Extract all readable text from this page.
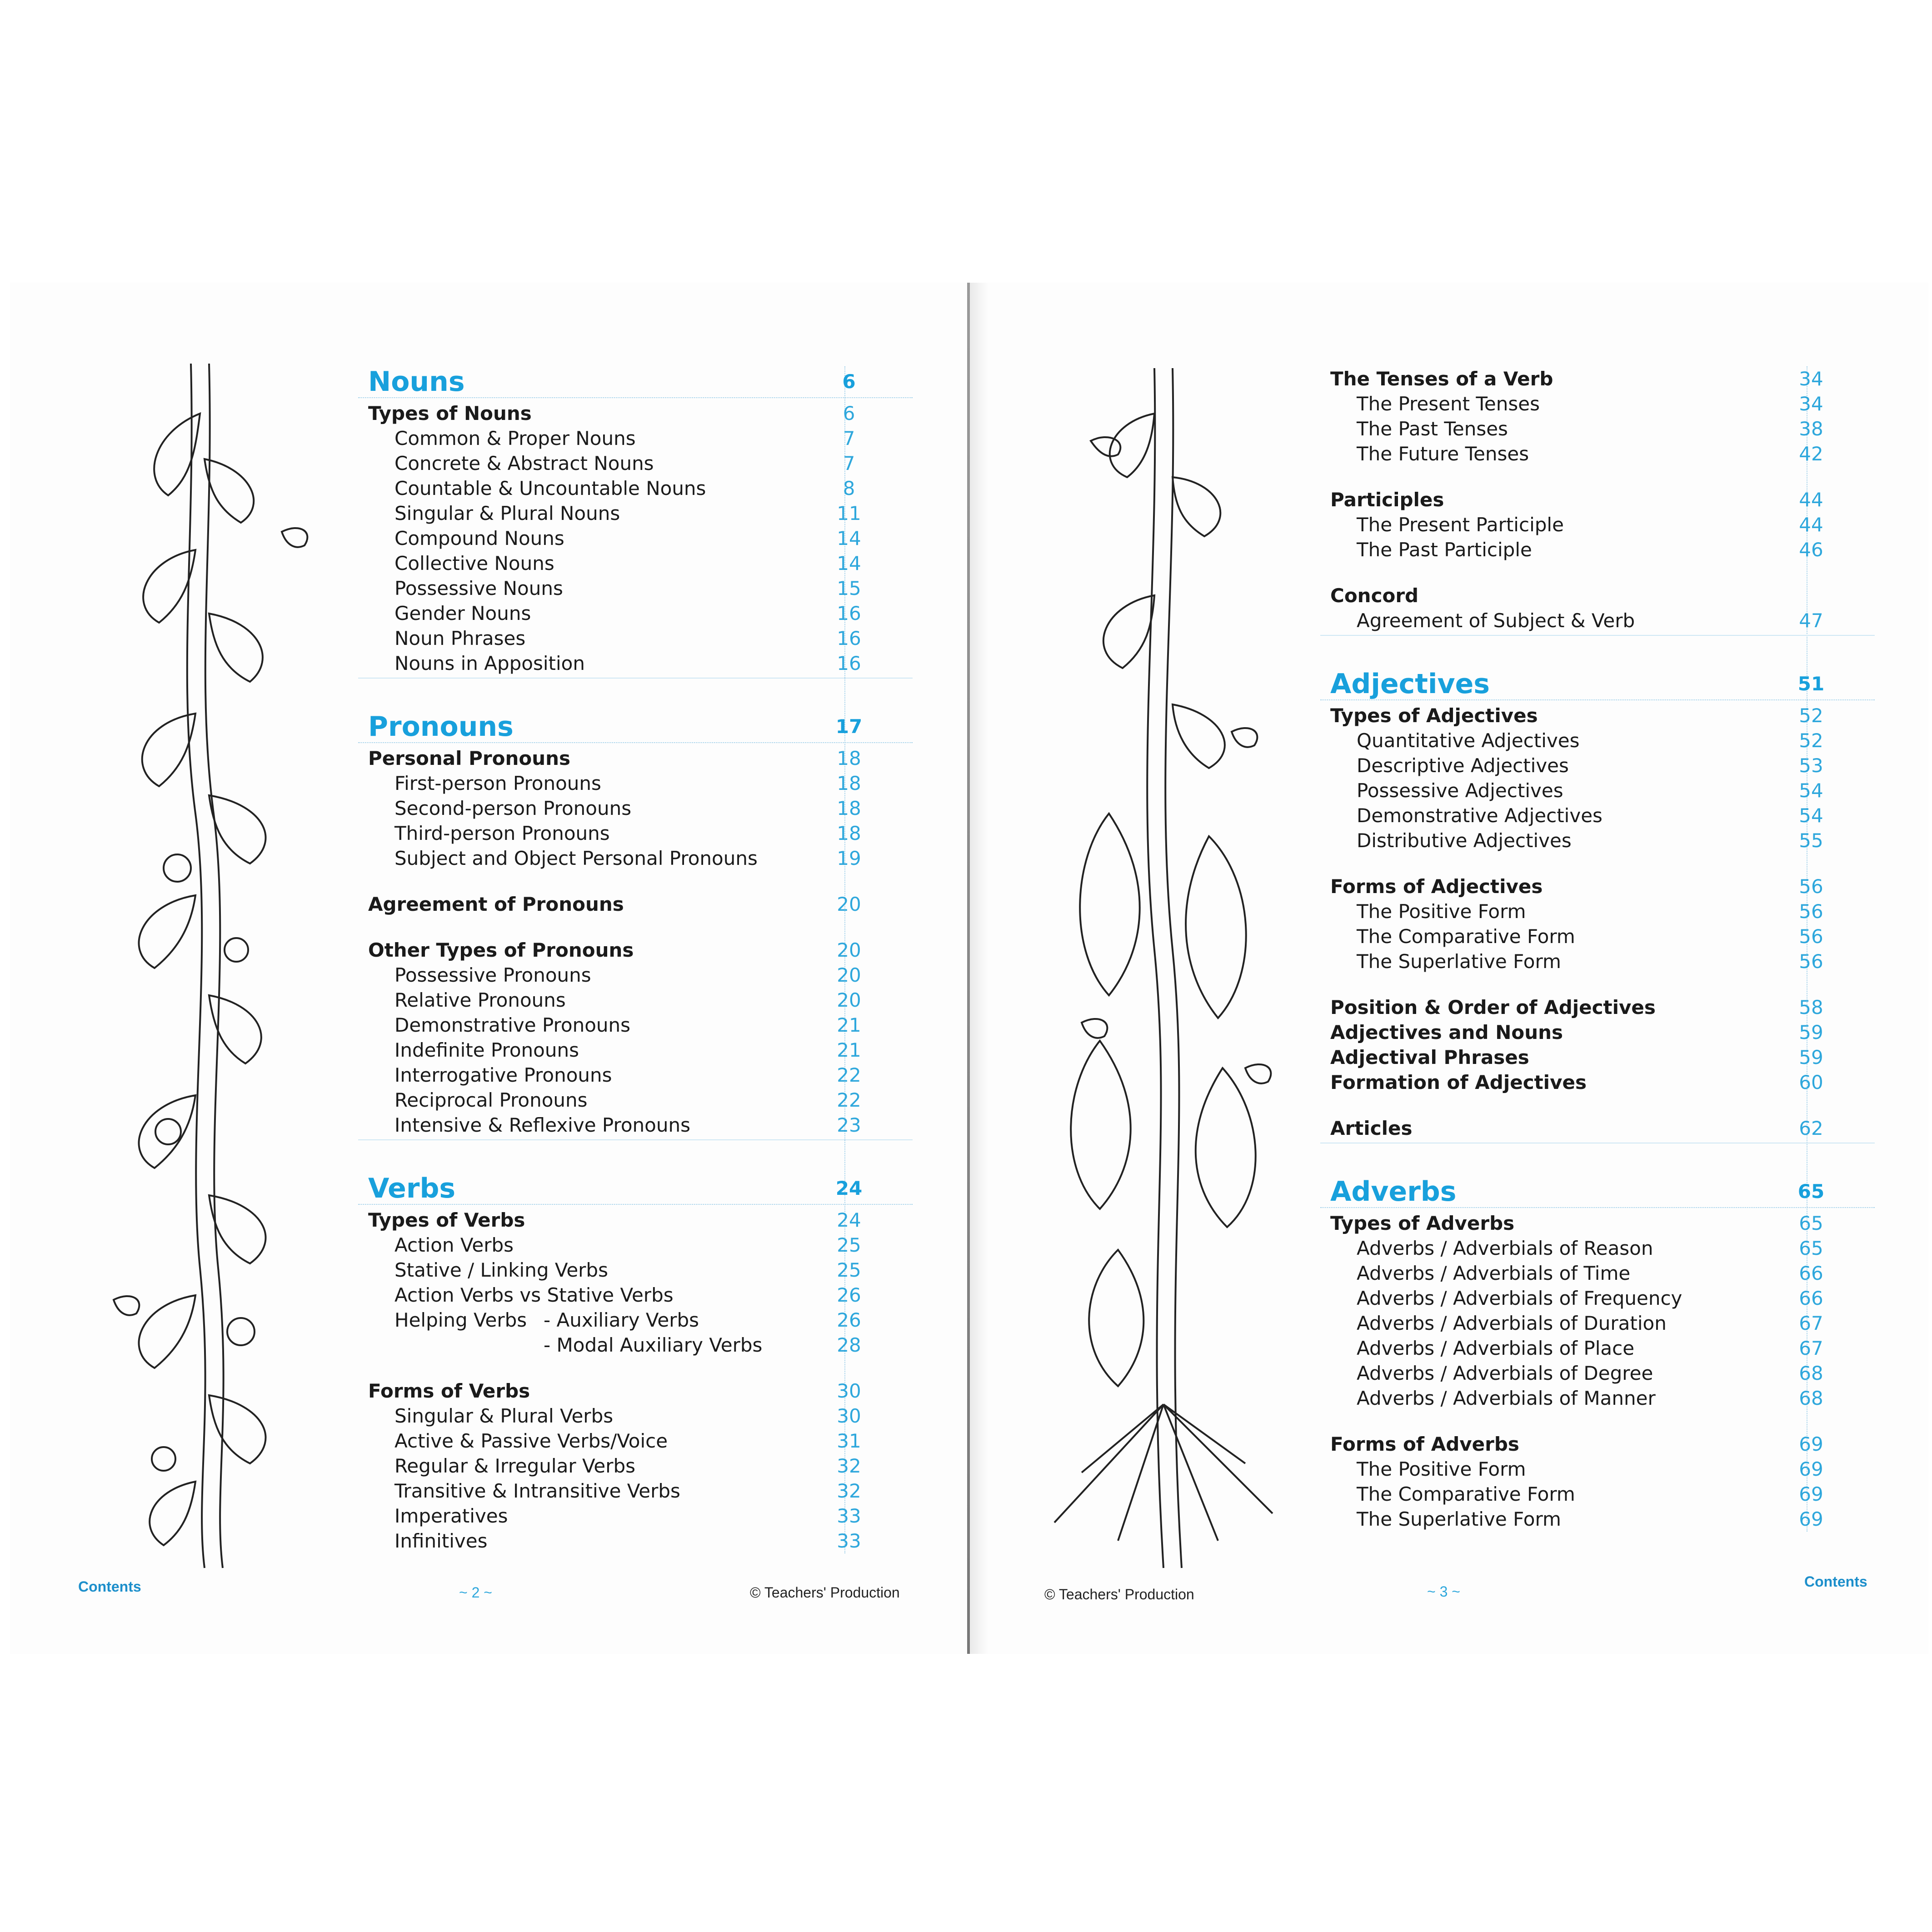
Nouns	6
Types of Nouns	6
Common & Proper Nouns	7
Concrete & Abstract Nouns	7
Countable & Uncountable Nouns	8
Singular & Plural Nouns	11
Compound Nouns	14
Collective Nouns	14
Possessive Nouns	15
Gender Nouns	16
Noun Phrases	16
Nouns in Apposition	16
Pronouns	17
Personal Pronouns	18
First-person Pronouns	18
Second-person Pronouns	18
Third-person Pronouns	18
Subject and Object Personal Pronouns	19
Agreement of Pronouns	20
Other Types of Pronouns	20
Possessive Pronouns	20
Relative Pronouns	20
Demonstrative Pronouns	21
Indefinite Pronouns	21
Interrogative Pronouns	22
Reciprocal Pronouns	22
Intensive & Reflexive Pronouns	23
Verbs	24
Types of Verbs	24
Action Verbs	25
Stative / Linking Verbs	25
Action Verbs vs Stative Verbs	26
Helping Verbs - Auxiliary Verbs	26
- Modal Auxiliary Verbs	28
Forms of Verbs	30
Singular & Plural Verbs	30
Active & Passive Verbs/Voice	31
Regular & Irregular Verbs	32
Transitive & Intransitive Verbs	32
Imperatives	33
Infinitives	33
The Tenses of a Verb	34
The Present Tenses	34
The Past Tenses	38
The Future Tenses	42
Participles	44
The Present Participle	44
The Past Participle	46
Concord
Agreement of Subject & Verb	47
Adjectives	51
Types of Adjectives	52
Quantitative Adjectives	52
Descriptive Adjectives	53
Possessive Adjectives	54
Demonstrative Adjectives	54
Distributive Adjectives	55
Forms of Adjectives	56
The Positive Form	56
The Comparative Form	56
The Superlative Form	56
Position & Order of Adjectives	58
Adjectives and Nouns	59
Adjectival Phrases	59
Formation of Adjectives	60
Articles	62
Adverbs	65
Types of Adverbs	65
Adverbs / Adverbials of Reason	65
Adverbs / Adverbials of Time	66
Adverbs / Adverbials of Frequency	66
Adverbs / Adverbials of Duration	67
Adverbs / Adverbials of Place	67
Adverbs / Adverbials of Degree	68
Adverbs / Adverbials of Manner	68
Forms of Adverbs	69
The Positive Form	69
The Comparative Form	69
The Superlative Form	69
Contents	~ 2 ~	© Teachers' Production	© Teachers' Production	~ 3 ~
Contents
